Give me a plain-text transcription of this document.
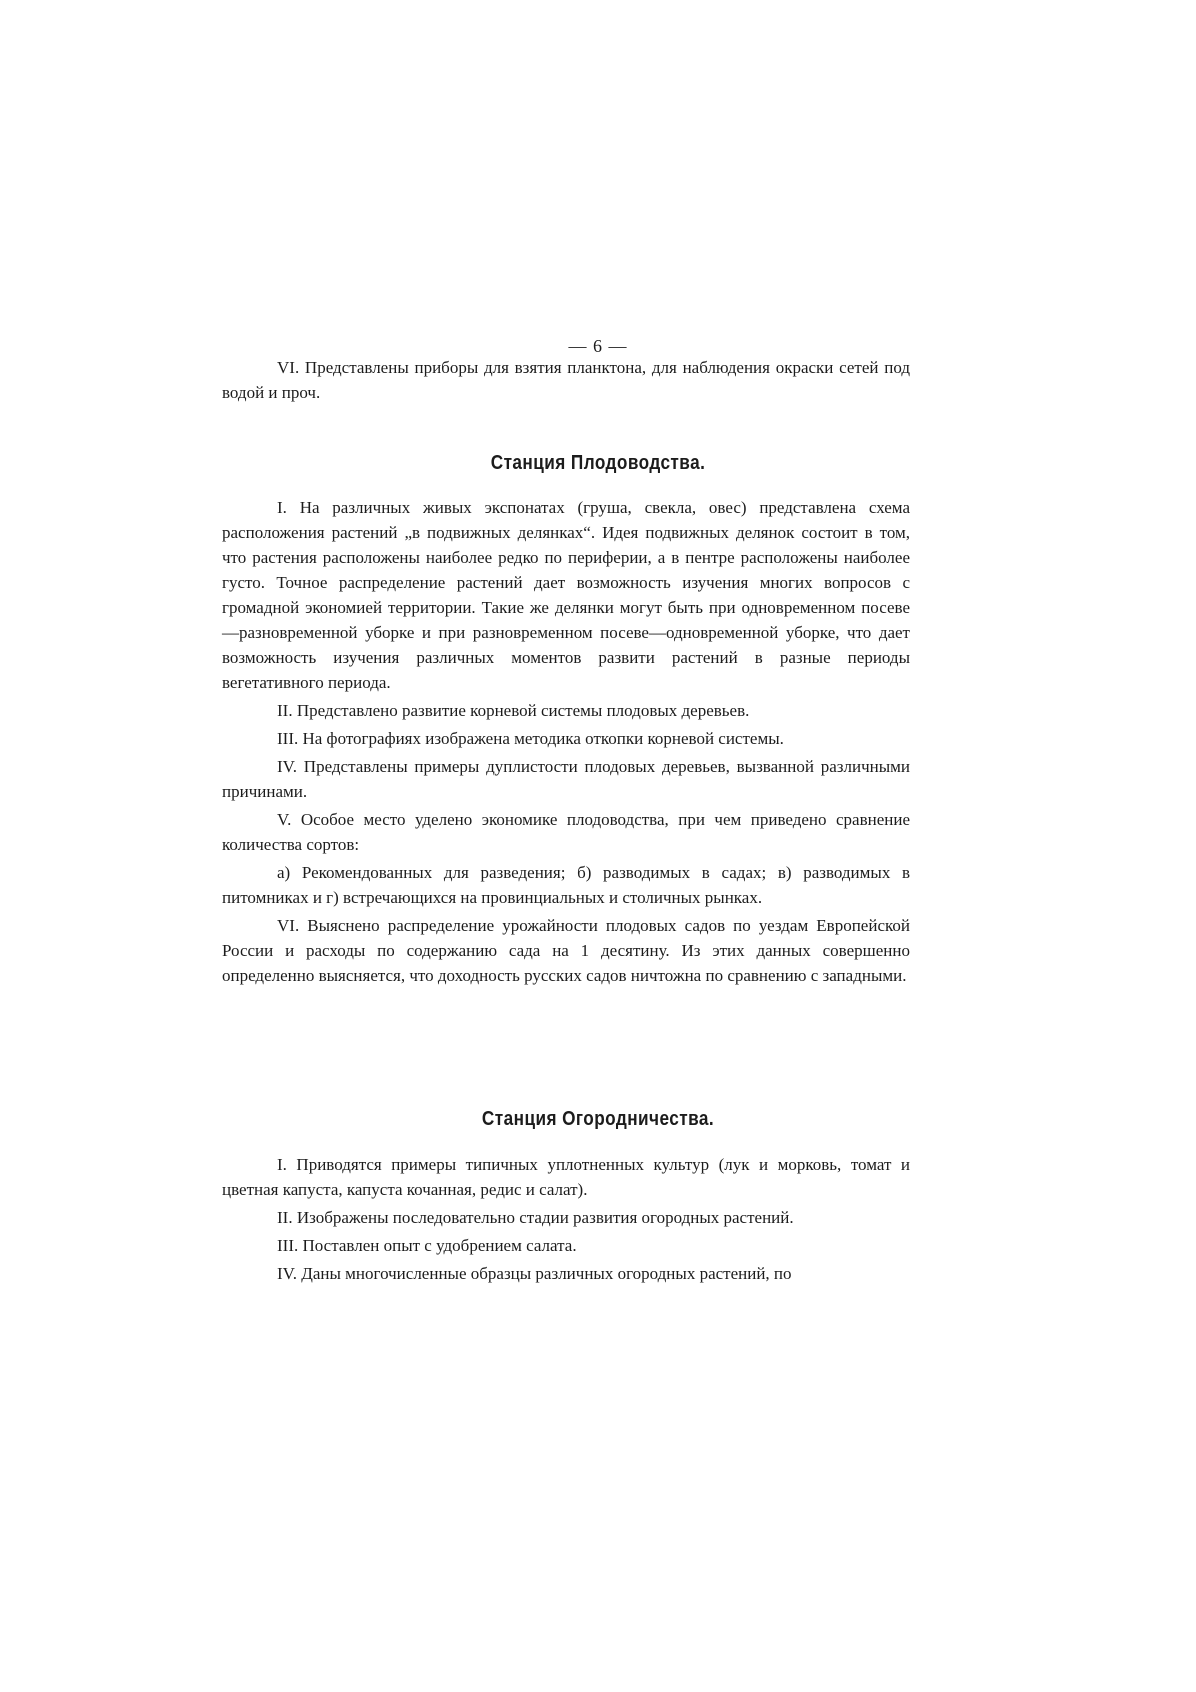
— 6 —

VI. Представлены приборы для взятия планктона, для наблюдения окраски сетей под водой и проч.

Станция Плодоводства.

I. На различных живых экспонатах (груша, свекла, овес) представлена схема расположения растений „в подвижных делянках“. Идея подвижных делянок состоит в том, что растения расположены наиболее редко по периферии, а в пентре расположены наиболее густо. Точное распределение растений дает возможность изучения многих вопросов с громадной экономией территории. Такие же делянки могут быть при одновременном посеве—разновременной уборке и при разновременном посеве—одновременной уборке, что дает возможность изучения различных моментов развити растений в разные периоды вегетативного периода.

II. Представлено развитие корневой системы плодовых деревьев.

III. На фотографиях изображена методика откопки корневой системы.

IV. Представлены примеры дуплистости плодовых деревьев, вызванной различными причинами.

V. Особое место уделено экономике плодоводства, при чем приведено сравнение количества сортов:

а) Рекомендованных для разведения; б) разводимых в садах; в) разводимых в питомниках и г) встречающихся на провинциальных и столичных рынках.

VI. Выяснено распределение урожайности плодовых садов по уездам Европейской России и расходы по содержанию сада на 1 десятину. Из этих данных совершенно определенно выясняется, что доходность русских садов ничтожна по сравнению с западными.

Станция Огородничества.

I. Приводятся примеры типичных уплотненных культур (лук и морковь, томат и цветная капуста, капуста кочанная, редис и салат).

II. Изображены последовательно стадии развития огородных растений.

III. Поставлен опыт с удобрением салата.

IV. Даны многочисленные образцы различных огородных растений, по
